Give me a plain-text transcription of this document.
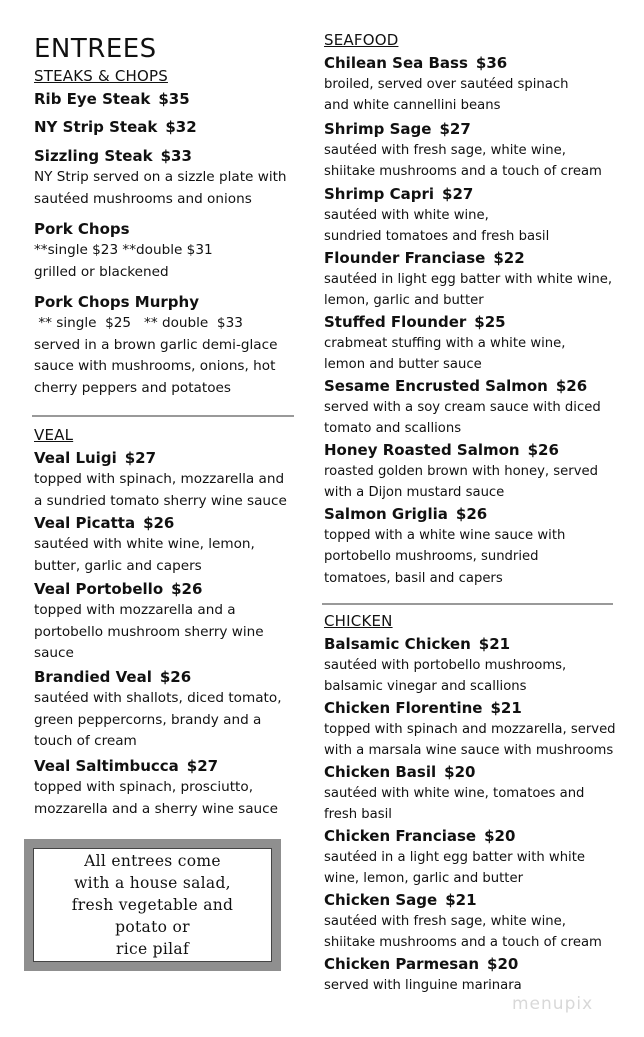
ENTREES
STEAKS & CHOPS
Rib Eye Steak $35
NY Strip Steak $32
Sizzling Steak $33
NY Strip served on a sizzle plate with
sautéed mushrooms and onions
Pork Chops
**single $23 **double $31
grilled or blackened
Pork Chops Murphy
** single  $25   ** double  $33
served in a brown garlic demi-glace
sauce with mushrooms, onions, hot
cherry peppers and potatoes
VEAL
Veal Luigi $27
topped with spinach, mozzarella and
a sundried tomato sherry wine sauce
Veal Picatta $26
sautéed with white wine, lemon,
butter, garlic and capers
Veal Portobello $26
topped with mozzarella and a
portobello mushroom sherry wine
sauce
Brandied Veal $26
sautéed with shallots, diced tomato,
green peppercorns, brandy and a
touch of cream
Veal Saltimbucca $27
topped with spinach, prosciutto,
mozzarella and a sherry wine sauce
All entrees come
with a house salad,
fresh vegetable and
potato or
rice pilaf
SEAFOOD
Chilean Sea Bass $36
broiled, served over sautéed spinach
and white cannellini beans
Shrimp Sage $27
sautéed with fresh sage, white wine,
shiitake mushrooms and a touch of cream
Shrimp Capri $27
sautéed with white wine,
sundried tomatoes and fresh basil
Flounder Franciase $22
sautéed in light egg batter with white wine,
lemon, garlic and butter
Stuffed Flounder $25
crabmeat stuffing with a white wine,
lemon and butter sauce
Sesame Encrusted Salmon $26
served with a soy cream sauce with diced
tomato and scallions
Honey Roasted Salmon $26
roasted golden brown with honey, served
with a Dijon mustard sauce
Salmon Griglia $26
topped with a white wine sauce with
portobello mushrooms, sundried
tomatoes, basil and capers
CHICKEN
Balsamic Chicken $21
sautéed with portobello mushrooms,
balsamic vinegar and scallions
Chicken Florentine $21
topped with spinach and mozzarella, served
with a marsala wine sauce with mushrooms
Chicken Basil $20
sautéed with white wine, tomatoes and
fresh basil
Chicken Franciase $20
sautéed in a light egg batter with white
wine, lemon, garlic and butter
Chicken Sage $21
sautéed with fresh sage, white wine,
shiitake mushrooms and a touch of cream
Chicken Parmesan $20
served with linguine marinara
menupix
